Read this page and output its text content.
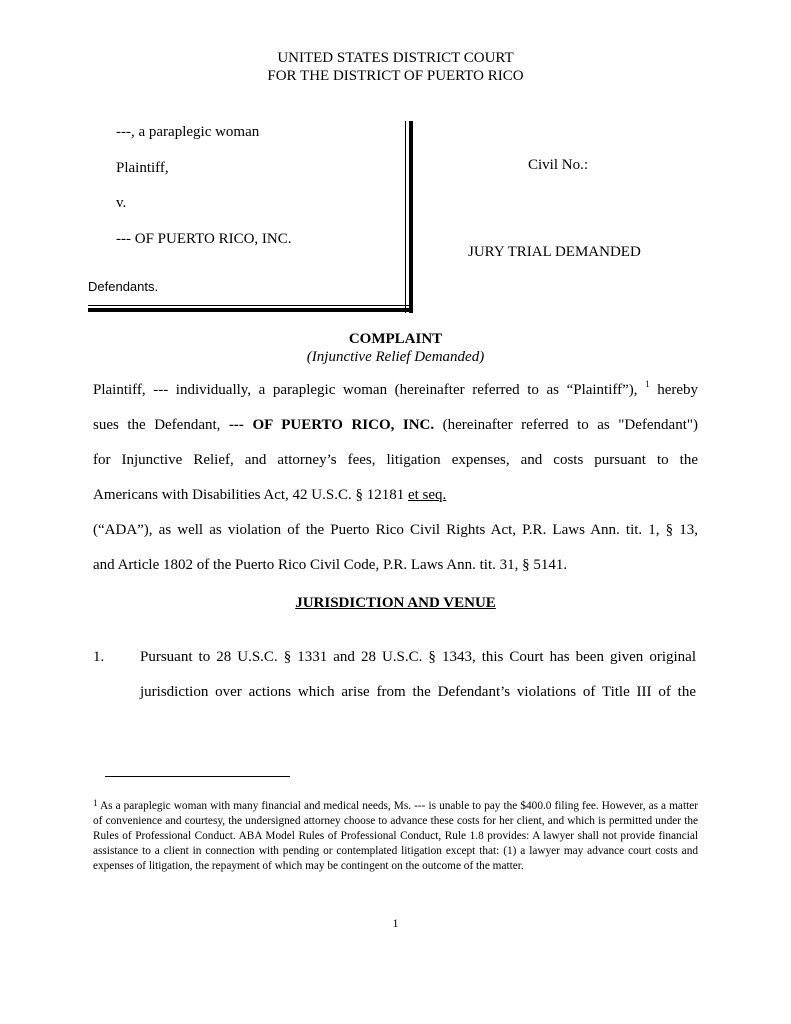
UNITED STATES DISTRICT COURT
FOR THE DISTRICT OF PUERTO RICO
---, a paraplegic woman
Plaintiff,
v.
--- OF PUERTO RICO, INC.
Defendants.
Civil No.:
JURY TRIAL DEMANDED
COMPLAINT
(Injunctive Relief Demanded)
Plaintiff, --- individually, a paraplegic woman (hereinafter referred to as “Plaintiff”), $^1$ hereby
sues the Defendant, --- OF PUERTO RICO, INC. (hereinafter referred to as "Defendant")
for Injunctive Relief, and attorney’s fees, litigation expenses, and costs pursuant to the
Americans with Disabilities Act, 42 U.S.C. § 12181 et seq.
(“ADA”), as well as violation of the Puerto Rico Civil Rights Act, P.R. Laws Ann. tit. 1, § 13,
and Article 1802 of the Puerto Rico Civil Code, P.R. Laws Ann. tit. 31, § 5141.
JURISDICTION AND VENUE
1. Pursuant to 28 U.S.C. § 1331 and 28 U.S.C. § 1343, this Court has been given original
jurisdiction over actions which arise from the Defendant’s violations of Title III of the
$^1$ As a paraplegic woman with many financial and medical needs, Ms. --- is unable to pay the $400.0 filing fee. However, as a matter of convenience and courtesy, the undersigned attorney choose to advance these costs for her client, and which is permitted under the Rules of Professional Conduct. ABA Model Rules of Professional Conduct, Rule 1.8 provides: A lawyer shall not provide financial assistance to a client in connection with pending or contemplated litigation except that: (1) a lawyer may advance court costs and expenses of litigation, the repayment of which may be contingent on the outcome of the matter.
1
